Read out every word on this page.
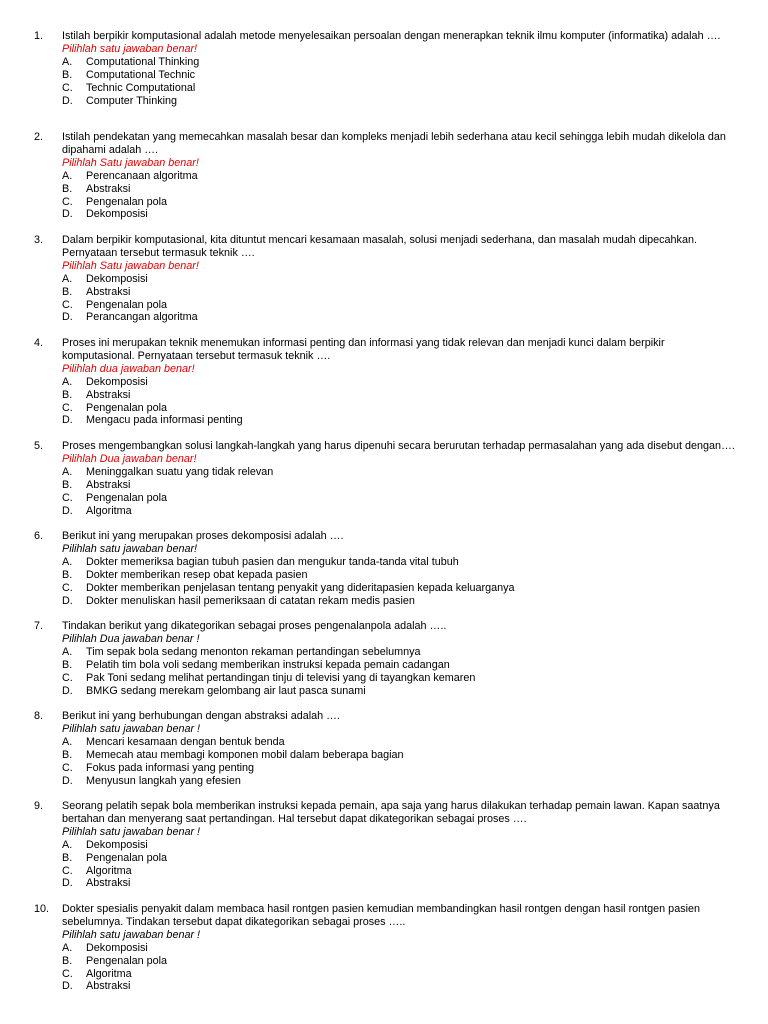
1. Istilah berpikir komputasional adalah metode menyelesaikan persoalan dengan menerapkan teknik ilmu komputer (informatika) adalah ….
Pilihlah satu jawaban benar!
A. Computational Thinking
B. Computational Technic
C. Technic Computational
D. Computer Thinking
2. Istilah pendekatan yang memecahkan masalah besar dan kompleks menjadi lebih sederhana atau kecil sehingga lebih mudah dikelola dan dipahami adalah ….
Pilihlah Satu jawaban benar!
A. Perencanaan algoritma
B. Abstraksi
C. Pengenalan pola
D. Dekomposisi
3. Dalam berpikir komputasional, kita dituntut mencari kesamaan masalah, solusi menjadi sederhana, dan masalah mudah dipecahkan. Pernyataan tersebut termasuk teknik ….
Pilihlah Satu jawaban benar!
A. Dekomposisi
B. Abstraksi
C. Pengenalan pola
D. Perancangan algoritma
4. Proses ini merupakan teknik menemukan informasi penting dan informasi yang tidak relevan dan menjadi kunci dalam berpikir komputasional. Pernyataan tersebut termasuk teknik ….
Pilihlah dua jawaban benar!
A. Dekomposisi
B. Abstraksi
C. Pengenalan pola
D. Mengacu pada informasi penting
5. Proses mengembangkan solusi langkah-langkah yang harus dipenuhi secara berurutan terhadap permasalahan yang ada disebut dengan….
Pilihlah Dua jawaban benar!
A. Meninggalkan suatu yang tidak relevan
B. Abstraksi
C. Pengenalan pola
D. Algoritma
6. Berikut ini yang merupakan proses dekomposisi adalah ….
Pilihlah satu jawaban benar!
A. Dokter memeriksa bagian tubuh pasien dan mengukur tanda-tanda vital tubuh
B. Dokter memberikan resep obat kepada pasien
C. Dokter memberikan penjelasan tentang penyakit yang dideritapasien kepada keluarganya
D. Dokter menuliskan hasil pemeriksaan di catatan rekam medis pasien
7. Tindakan berikut yang dikategorikan sebagai proses pengenalanpola adalah …..
Pilihlah Dua jawaban benar !
A. Tim sepak bola sedang menonton rekaman pertandingan sebelumnya
B. Pelatih tim bola voli sedang memberikan instruksi kepada pemain cadangan
C. Pak Toni sedang melihat pertandingan tinju di televisi yang di tayangkan kemaren
D. BMKG sedang merekam gelombang air laut pasca sunami
8. Berikut ini yang berhubungan dengan abstraksi adalah ….
Pilihlah satu jawaban benar !
A. Mencari kesamaan dengan bentuk benda
B. Memecah atau membagi komponen mobil dalam beberapa bagian
C. Fokus pada informasi yang penting
D. Menyusun langkah yang efesien
9. Seorang pelatih sepak bola memberikan instruksi kepada pemain, apa saja yang harus dilakukan terhadap pemain lawan. Kapan saatnya bertahan dan menyerang saat pertandingan. Hal tersebut dapat dikategorikan sebagai proses ….
Pilihlah satu jawaban benar !
A. Dekomposisi
B. Pengenalan pola
C. Algoritma
D. Abstraksi
10. Dokter spesialis penyakit dalam membaca hasil rontgen pasien kemudian membandingkan hasil rontgen dengan hasil rontgen pasien sebelumnya. Tindakan tersebut dapat dikategorikan sebagai proses …..
Pilihlah satu jawaban benar !
A. Dekomposisi
B. Pengenalan pola
C. Algoritma
D. Abstraksi
